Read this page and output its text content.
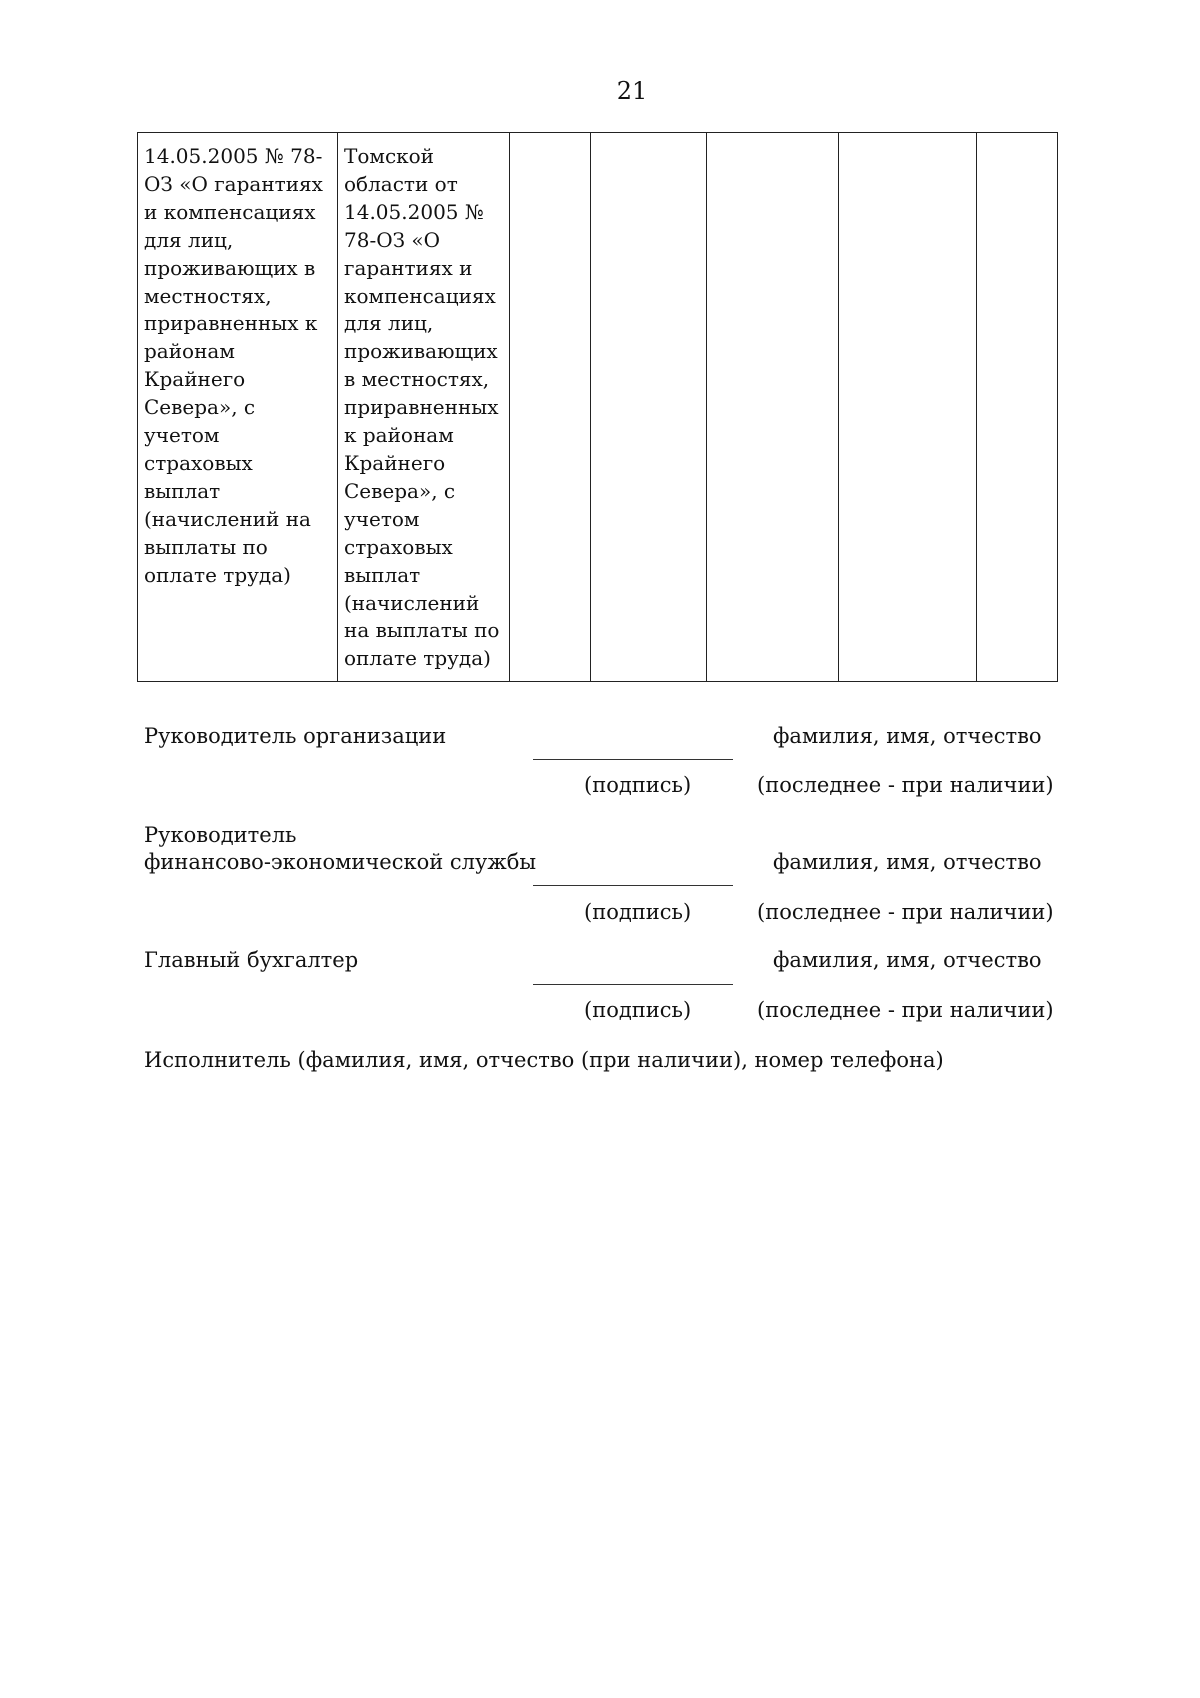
21
14.05.2005 № 78-
ОЗ «О гарантиях
и компенсациях
для лиц,
проживающих в
местностях,
приравненных к
районам
Крайнего
Севера», с учетом
страховых
выплат
(начислений на
выплаты по
оплате труда)	Томской
области от
14.05.2005 №
78-ОЗ «О
гарантиях и
компенсациях
для лиц,
проживающих
в местностях,
приравненных
к районам
Крайнего
Севера», с
учетом
страховых
выплат
(начислений
на выплаты по
оплате труда)					
Руководитель организации	фамилия, имя, отчество
(подпись)	(последнее - при наличии)
Руководитель
финансово-экономической службы	фамилия, имя, отчество
(подпись)	(последнее - при наличии)
Главный бухгалтер	фамилия, имя, отчество
(подпись)	(последнее - при наличии)
Исполнитель (фамилия, имя, отчество (при наличии), номер телефона)
